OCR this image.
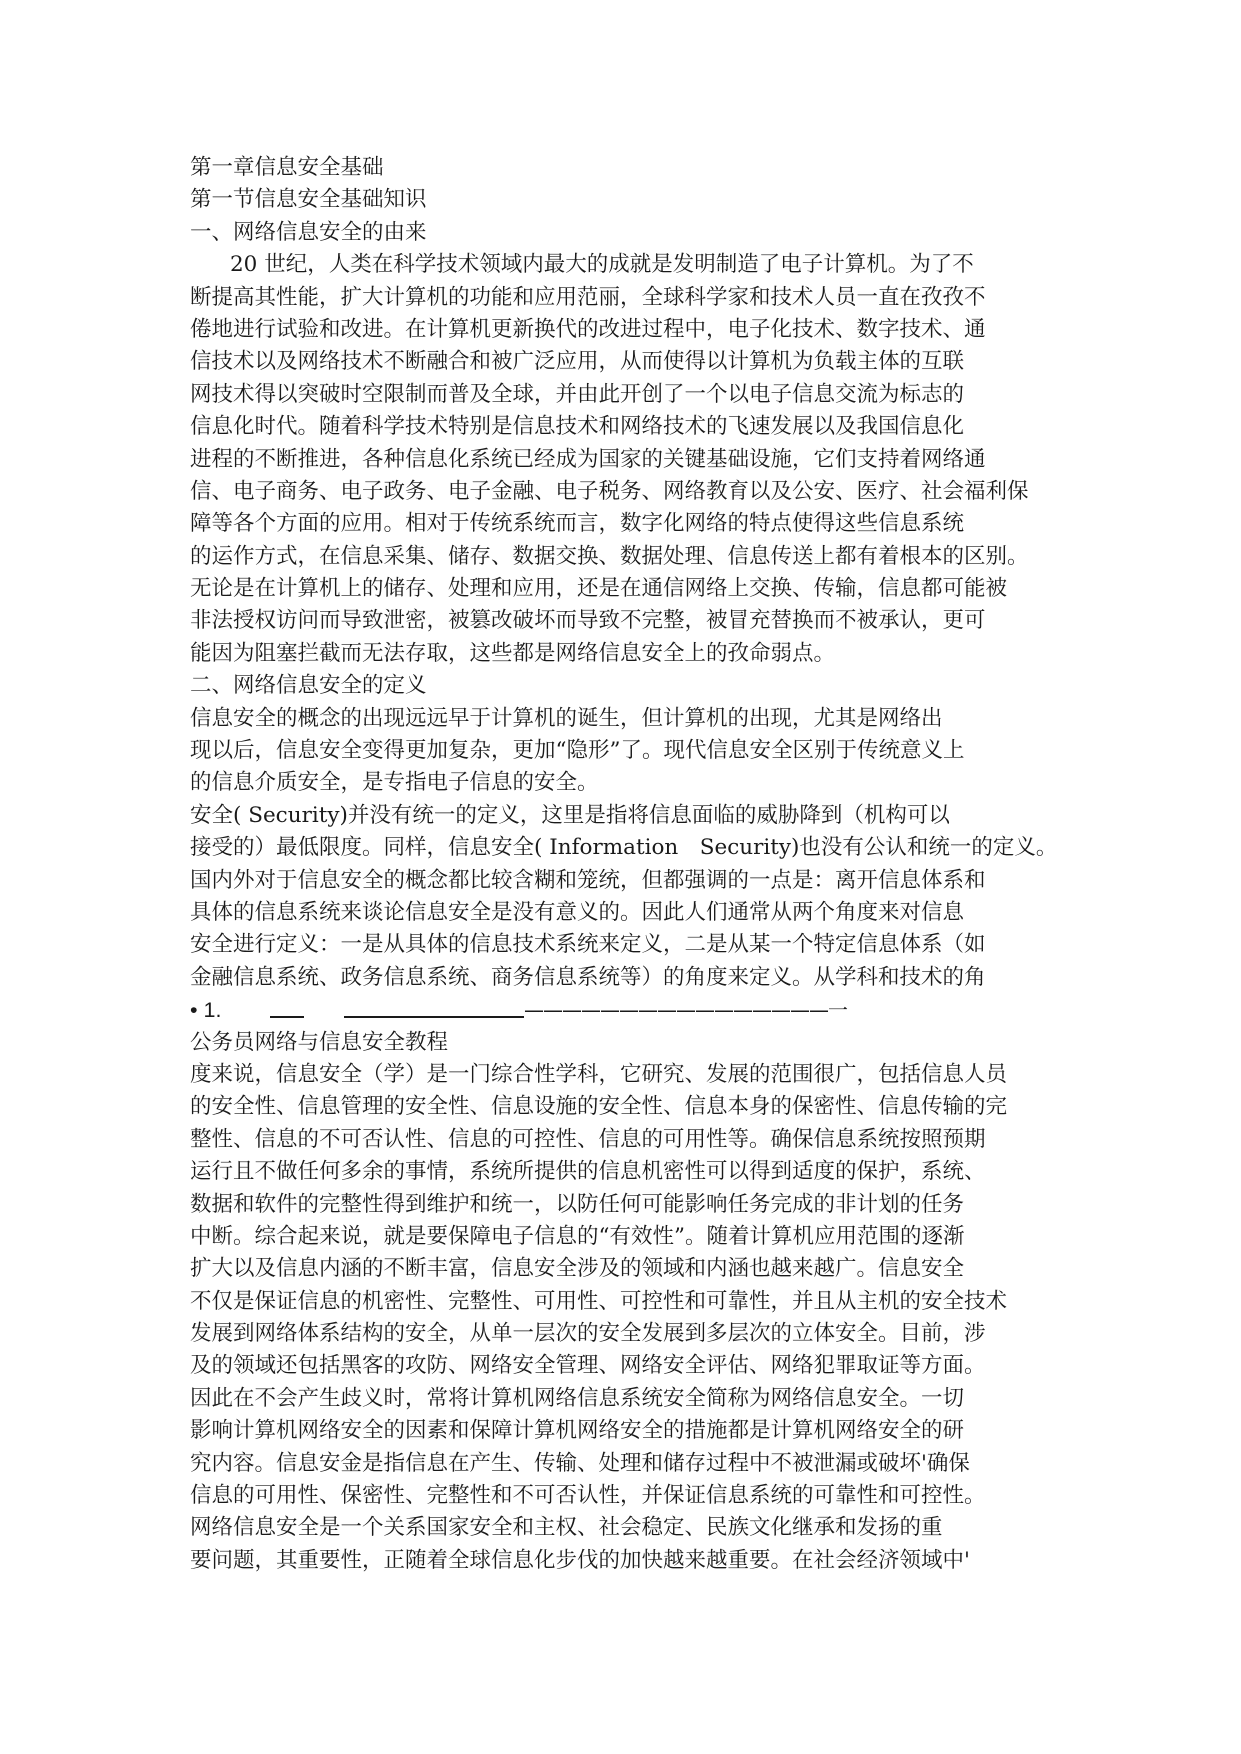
第一章信息安全基础
第一节信息安全基础知识
一、网络信息安全的由来
20 世纪，人类在科学技术领域内最大的成就是发明制造了电子计算机。为了不
断提高其性能，扩大计算机的功能和应用范丽，全球科学家和技术人员一直在孜孜不
倦地进行试验和改进。在计算机更新换代的改进过程中，电子化技术、数字技术、通
信技术以及网络技术不断融合和被广泛应用，从而使得以计算机为负载主体的互联
网技术得以突破时空限制而普及全球，并由此开创了一个以电子信息交流为标志的
信息化时代。随着科学技术特别是信息技术和网络技术的飞速发展以及我国信息化
进程的不断推进，各种信息化系统已经成为国家的关键基础设施，它们支持着网络通
信、电子商务、电子政务、电子金融、电子税务、网络教育以及公安、医疗、社会福利保
障等各个方面的应用。相对于传统系统而言，数字化网络的特点使得这些信息系统
的运作方式，在信息采集、储存、数据交换、数据处理、信息传送上都有着根本的区别。
无论是在计算机上的储存、处理和应用，还是在通信网络上交换、传输，信息都可能被
非法授权访问而导致泄密，被篡改破坏而导致不完整，被冒充替换而不被承认，更可
能因为阻塞拦截而无法存取，这些都是网络信息安全上的孜命弱点。
二、网络信息安全的定义
信息安全的概念的出现远远早于计算机的诞生，但计算机的出现，尤其是网络出
现以后，信息安全变得更加复杂，更加“隐形”了。现代信息安全区别于传统意义上
的信息介质安全，是专指电子信息的安全。
安全( Security)并没有统一的定义，这里是指将信息面临的威胁降到（机构可以
接受的）最低限度。同样，信息安全( Information　Security)也没有公认和统一的定义。
国内外对于信息安全的概念都比较含糊和笼统，但都强调的一点是：离开信息体系和
具体的信息系统来谈论信息安全是没有意义的。因此人们通常从两个角度来对信息
安全进行定义：一是从具体的信息技术系统来定义，二是从某一个特定信息体系（如
金融信息系统、政务信息系统、商务信息系统等）的角度来定义。从学科和技术的角
• 1.	————————————————一
公务员网络与信息安全教程
度来说，信息安全（学）是一门综合性学科，它研究、发展的范围很广，包括信息人员
的安全性、信息管理的安全性、信息设施的安全性、信息本身的保密性、信息传输的完
整性、信息的不可否认性、信息的可控性、信息的可用性等。确保信息系统按照预期
运行且不做任何多余的事情，系统所提供的信息机密性可以得到适度的保护，系统、
数据和软件的完整性得到维护和统一，以防任何可能影响任务完成的非计划的任务
中断。综合起来说，就是要保障电子信息的“有效性”。随着计算机应用范围的逐渐
扩大以及信息内涵的不断丰富，信息安全涉及的领域和内涵也越来越广。信息安全
不仅是保证信息的机密性、完整性、可用性、可控性和可靠性，并且从主机的安全技术
发展到网络体系结构的安全，从单一层次的安全发展到多层次的立体安全。目前，涉
及的领域还包括黑客的攻防、网络安全管理、网络安全评估、网络犯罪取证等方面。
因此在不会产生歧义时，常将计算机网络信息系统安全简称为网络信息安全。一切
影响计算机网络安全的因素和保障计算机网络安全的措施都是计算机网络安全的研
究内容。信息安金是指信息在产生、传输、处理和储存过程中不被泄漏或破坏'确保
信息的可用性、保密性、完整性和不可否认性，并保证信息系统的可靠性和可控性。
网络信息安全是一个关系国家安全和主权、社会稳定、民族文化继承和发扬的重
要问题，其重要性，正随着全球信息化步伐的加快越来越重要。在社会经济领域中'
